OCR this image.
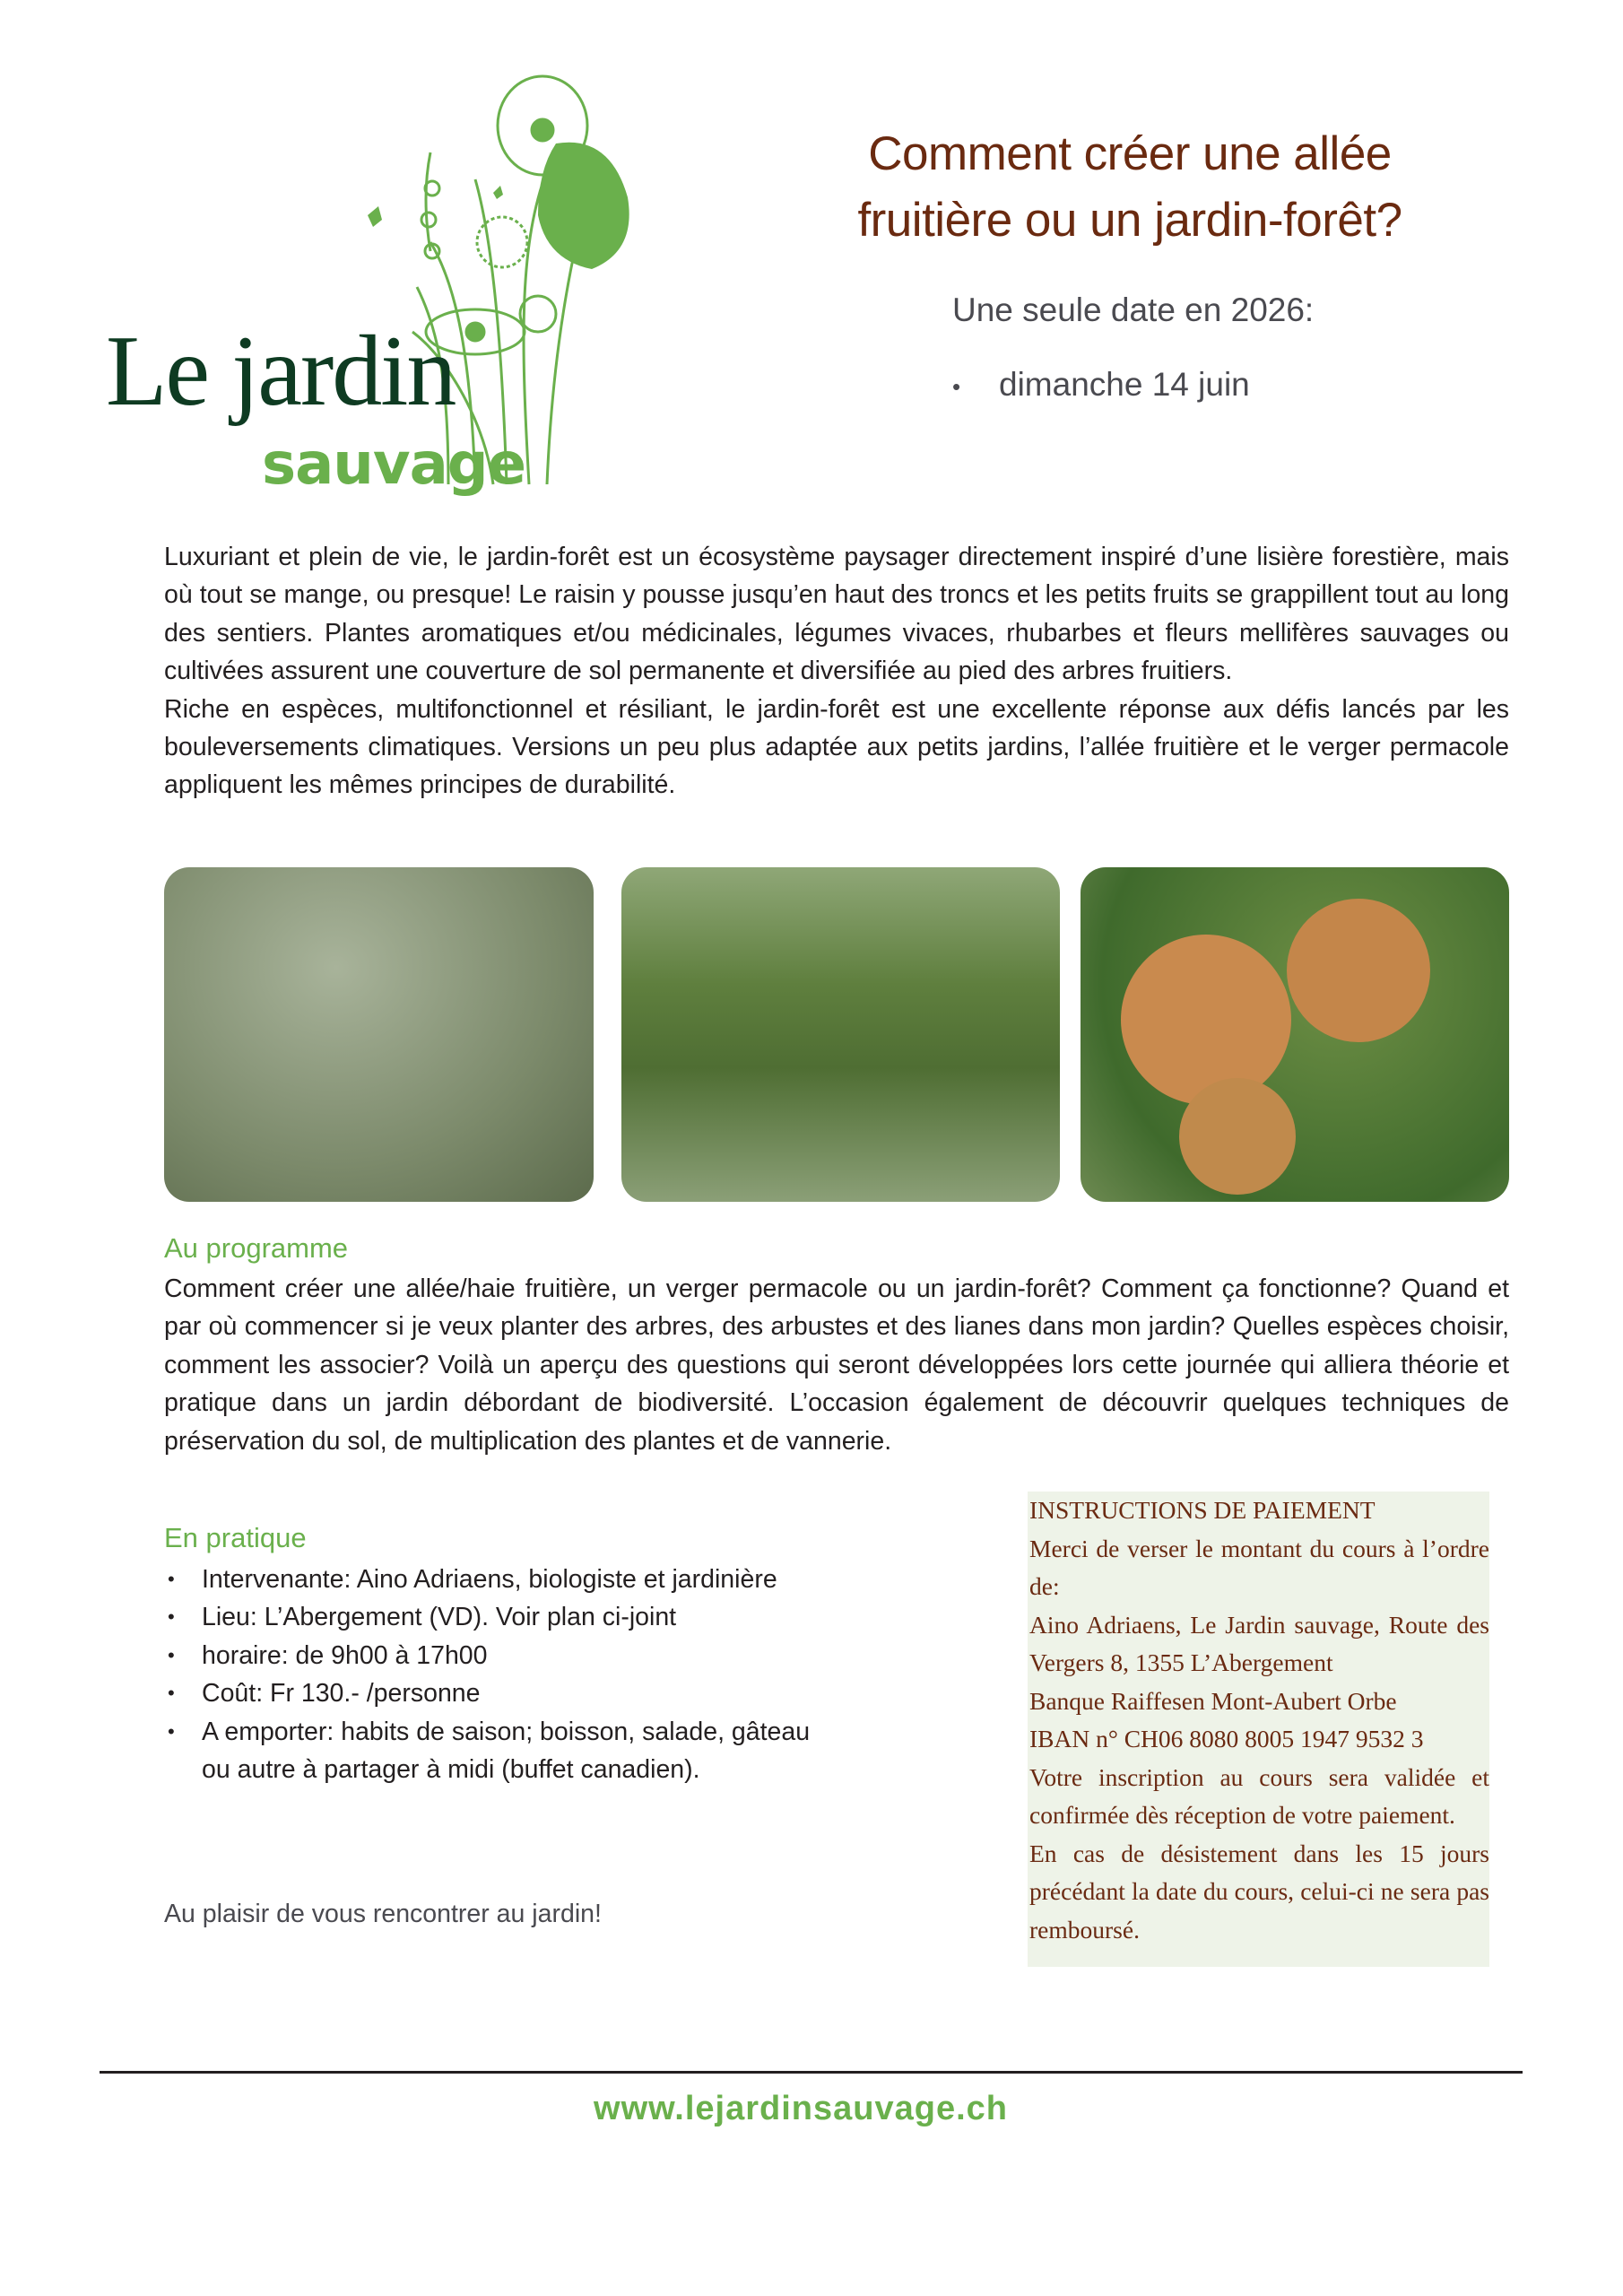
Le jardin
sauvage
Comment créer une allée
fruitière ou un jardin-forêt?
Une seule date en 2026:
• dimanche 14 juin

Luxuriant et plein de vie, le jardin-forêt est un écosystème paysager directement inspiré d’une lisière forestière, mais où tout se mange, ou presque! Le raisin y pousse jusqu’en haut des troncs et les petits fruits se grappillent tout au long des sentiers. Plantes aromatiques et/ou médicinales, légumes vivaces, rhubarbes et fleurs mellifères sauvages ou cultivées assurent une couverture de sol permanente et diversifiée au pied des arbres fruitiers.

Riche en espèces, multifonctionnel et résiliant, le jardin-forêt est une excellente réponse aux défis lancés par les bouleversements climatiques. Versions un peu plus adaptée aux petits jardins, l’allée fruitière et le verger permacole appliquent les mêmes principes de durabilité.

Au programme

Comment créer une allée/haie fruitière, un verger permacole ou un jardin-forêt? Comment ça fonctionne? Quand et par où commencer si je veux planter des arbres, des arbustes et des lianes dans mon jardin? Quelles espèces choisir, comment les associer? Voilà un aperçu des questions qui seront développées lors cette journée qui alliera théorie et pratique dans un jardin débordant de biodiversité. L’occasion également de découvrir quelques techniques de préservation du sol, de multiplication des plantes et de vannerie.

En pratique
• Intervenante: Aino Adriaens, biologiste et jardinière
• Lieu: L’Abergement (VD). Voir plan ci-joint
• horaire: de 9h00 à 17h00
• Coût: Fr 130.- /personne
• A emporter: habits de saison; boisson, salade, gâteau ou autre à partager à midi (buffet canadien).
Au plaisir de vous rencontrer au jardin!

INSTRUCTIONS DE PAIEMENT

Merci de verser le montant du cours à l’ordre de:

Aino Adriaens, Le Jardin sauvage, Route des Vergers 8, 1355 L’Abergement

Banque Raiffesen Mont-Aubert Orbe

IBAN n° CH06 8080 8005 1947 9532 3

Votre inscription au cours sera validée et confirmée dès réception de votre paiement.

En cas de désistement dans les 15 jours précédant la date du cours, celui-ci ne sera pas remboursé.

www.lejardinsauvage.ch
